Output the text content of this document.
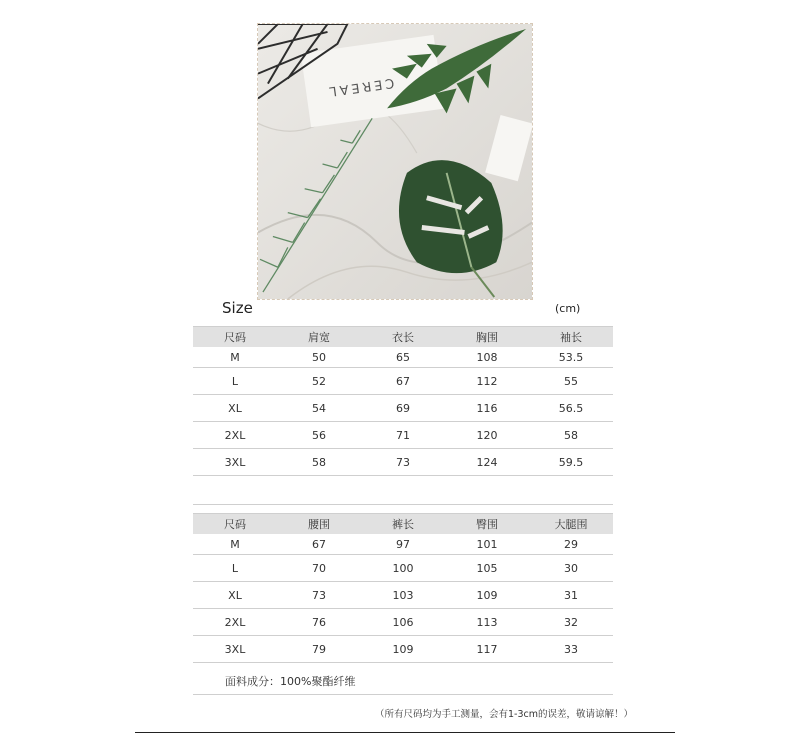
CEREAL
Size	(cm)
尺码	肩宽	衣长	胸围	袖长
M	50	65	108	53.5
L	52	67	112	55
XL	54	69	116	56.5
2XL	56	71	120	58
3XL	58	73	124	59.5
尺码	腰围	裤长	臀围	大腿围
M	67	97	101	29
L	70	100	105	30
XL	73	103	109	31
2XL	76	106	113	32
3XL	79	109	117	33
面料成分：100%聚酯纤维
（所有尺码均为手工测量，会有1-3cm的误差，敬请谅解！）
